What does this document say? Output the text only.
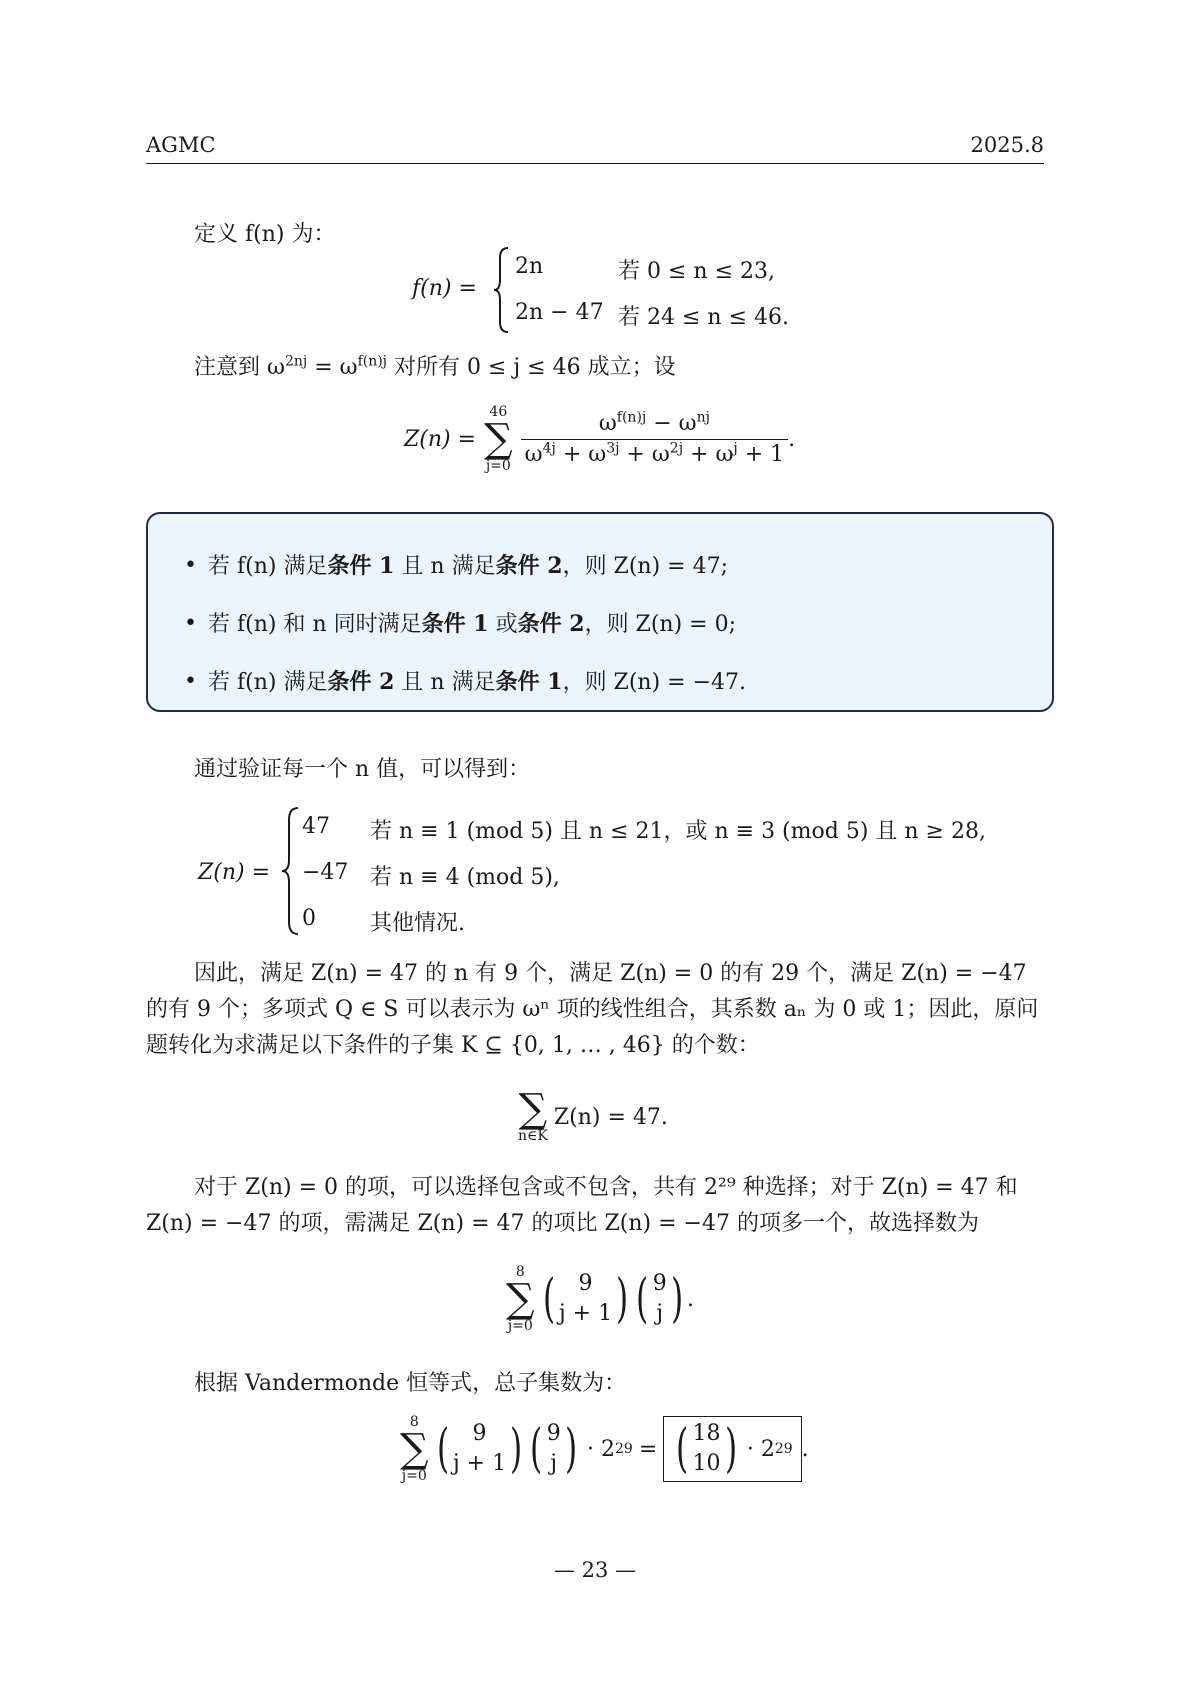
AGMC	2025.8
定义 f(n) 为：
f(n) =
2n	若 0 ≤ n ≤ 23,
2n − 47 若 24 ≤ n ≤ 46.
注意到 $\omega^{2nj} = \omega^{f(n)j}$ 对所有 0 ≤ j ≤ 46 成立；设
Z(n) =
46
∑
$j=0 \frac{\omega^{f(n)j} - \omega^{nj}}{\omega^{4j} + \omega^{3j} + \omega^{2j} + \omega^j + 1}$ .
• 若 f(n) 满足条件 1 且 n 满足条件 2，则 Z(n) = 47;
• 若 f(n) 和 n 同时满足条件 1 或条件 2，则 Z(n) = 0;
• 若 f(n) 满足条件 2 且 n 满足条件 1，则 Z(n) = −47.
通过验证每一个 n 值，可以得到：
Z(n) =
47 若 n ≡ 1 (mod 5) 且 n ≤ 21，或 n ≡ 3 (mod 5) 且 n ≥ 28,
−47 若 n ≡ 4 (mod 5),
0 其他情况.
因此，满足 Z(n) = 47 的 n 有 9 个，满足 Z(n) = 0 的有 29 个，满足 Z(n) = −47 的有 9 个；多项式 Q ∈ S 可以表示为 ωⁿ 项的线性组合，其系数 aₙ 为 0 或 1；因此，原问题转化为求满足以下条件的子集 K ⊆ {0, 1, … , 46} 的个数：
∑
n∈K
Z(n) = 47.
对于 Z(n) = 0 的项，可以选择包含或不包含，共有 2²⁹ 种选择；对于 Z(n) = 47 和 Z(n) = −47 的项，需满足 Z(n) = 47 的项比 Z(n) = −47 的项多一个，故选择数为
8
∑
j=0 ( 9
j + 1 ) ( 9
j ) .
根据 Vandermonde 恒等式，总子集数为：
8
∑
j=0 ( 9
j + 1 ) ( 9
j ) · 2 29 = ( 18
10 ) · 2 29 .
— 23 —
